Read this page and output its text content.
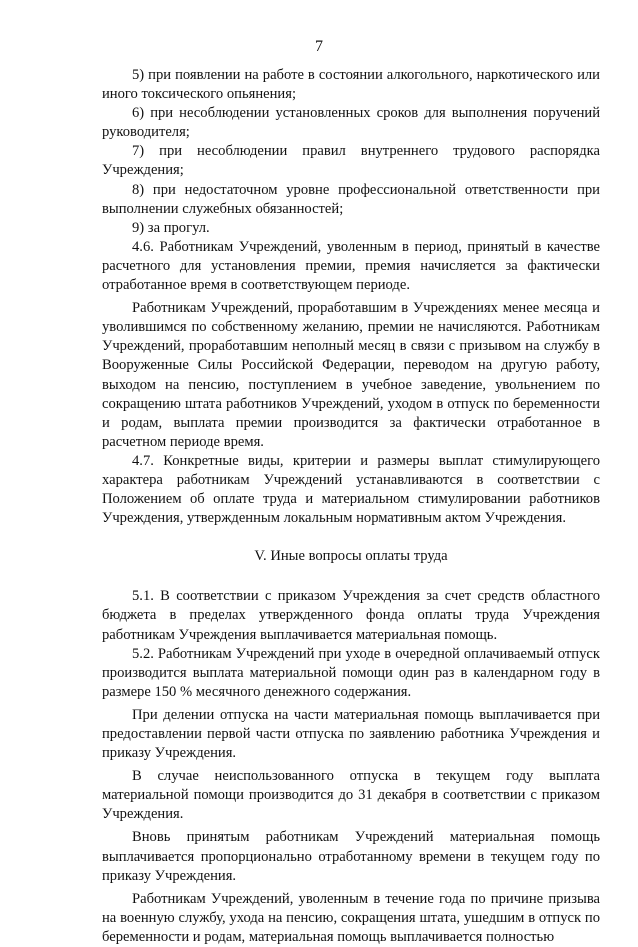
7

5) при появлении на работе в состоянии алкогольного, наркотического или иного токсического опьянения;

6) при несоблюдении установленных сроков для выполнения поручений руководителя;

7) при несоблюдении правил внутреннего трудового распорядка Учреждения;

8) при недостаточном уровне профессиональной ответственности при выполнении служебных обязанностей;

9) за прогул.

4.6. Работникам Учреждений, уволенным в период, принятый в качестве расчетного для установления премии, премия начисляется за фактически отработанное время в соответствующем периоде.

Работникам Учреждений, проработавшим в Учреждениях менее месяца и уволившимся по собственному желанию, премии не начисляются. Работникам Учреждений, проработавшим неполный месяц в связи с призывом на службу в Вооруженные Силы Российской Федерации, переводом на другую работу, выходом на пенсию, поступлением в учебное заведение, увольнением по сокращению штата работников Учреждений, уходом в отпуск по беременности и родам, выплата премии производится за фактически отработанное в расчетном периоде время.

4.7. Конкретные виды, критерии и размеры выплат стимулирующего характера работникам Учреждений устанавливаются в соответствии с Положением об оплате труда и материальном стимулировании работников Учреждения, утвержденным локальным нормативным актом Учреждения.

V. Иные вопросы оплаты труда

5.1. В соответствии с приказом Учреждения за счет средств областного бюджета в пределах утвержденного фонда оплаты труда Учреждения работникам Учреждения выплачивается материальная помощь.

5.2. Работникам Учреждений при уходе в очередной оплачиваемый отпуск производится выплата материальной помощи один раз в календарном году в размере 150 % месячного денежного содержания.

При делении отпуска на части материальная помощь выплачивается при предоставлении первой части отпуска по заявлению работника Учреждения и приказу Учреждения.

В случае неиспользованного отпуска в текущем году выплата материальной помощи производится до 31 декабря в соответствии с приказом Учреждения.

Вновь принятым работникам Учреждений материальная помощь выплачивается пропорционально отработанному времени в текущем году по приказу Учреждения.

Работникам Учреждений, уволенным в течение года по причине призыва на военную службу, ухода на пенсию, сокращения штата, ушедшим в отпуск по беременности и родам, материальная помощь выплачивается полностью
